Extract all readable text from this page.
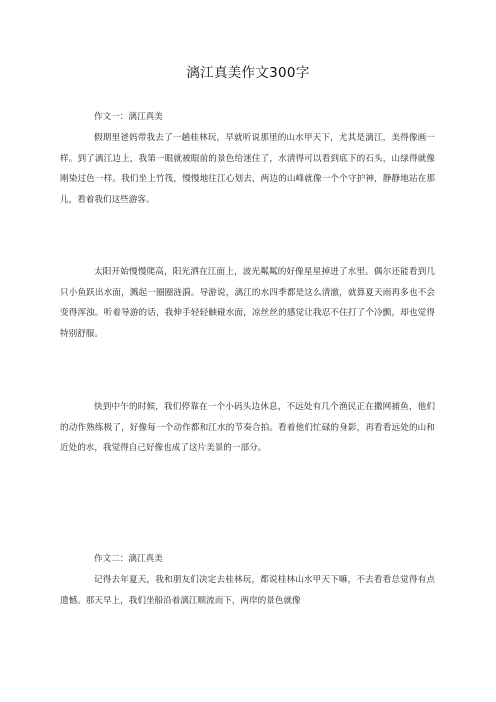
漓江真美作文300字
作文一：漓江真美

假期里爸妈带我去了一趟桂林玩，早就听说那里的山水甲天下，尤其是漓江，美得像画一样。到了漓江边上，我第一眼就被眼前的景色给迷住了，水清得可以看到底下的石头，山绿得就像刚染过色一样。我们坐上竹筏，慢慢地往江心划去，两边的山峰就像一个个守护神，静静地站在那儿，看着我们这些游客。

太阳开始慢慢爬高，阳光洒在江面上，波光粼粼的好像星星掉进了水里。偶尔还能看到几只小鱼跃出水面，溅起一圈圈涟漪。导游说，漓江的水四季都是这么清澈，就算夏天雨再多也不会变得浑浊。听着导游的话，我伸手轻轻触碰水面，凉丝丝的感觉让我忍不住打了个冷颤，却也觉得特别舒服。

快到中午的时候，我们停靠在一个小码头边休息，不远处有几个渔民正在撒网捕鱼，他们的动作熟练极了，好像每一个动作都和江水的节奏合拍。看着他们忙碌的身影，再看看远处的山和近处的水，我觉得自己好像也成了这片美景的一部分。

作文二：漓江真美

记得去年夏天，我和朋友们决定去桂林玩，都说桂林山水甲天下嘛，不去看看总觉得有点遗憾。那天早上，我们坐船沿着漓江顺流而下，两岸的景色就像
